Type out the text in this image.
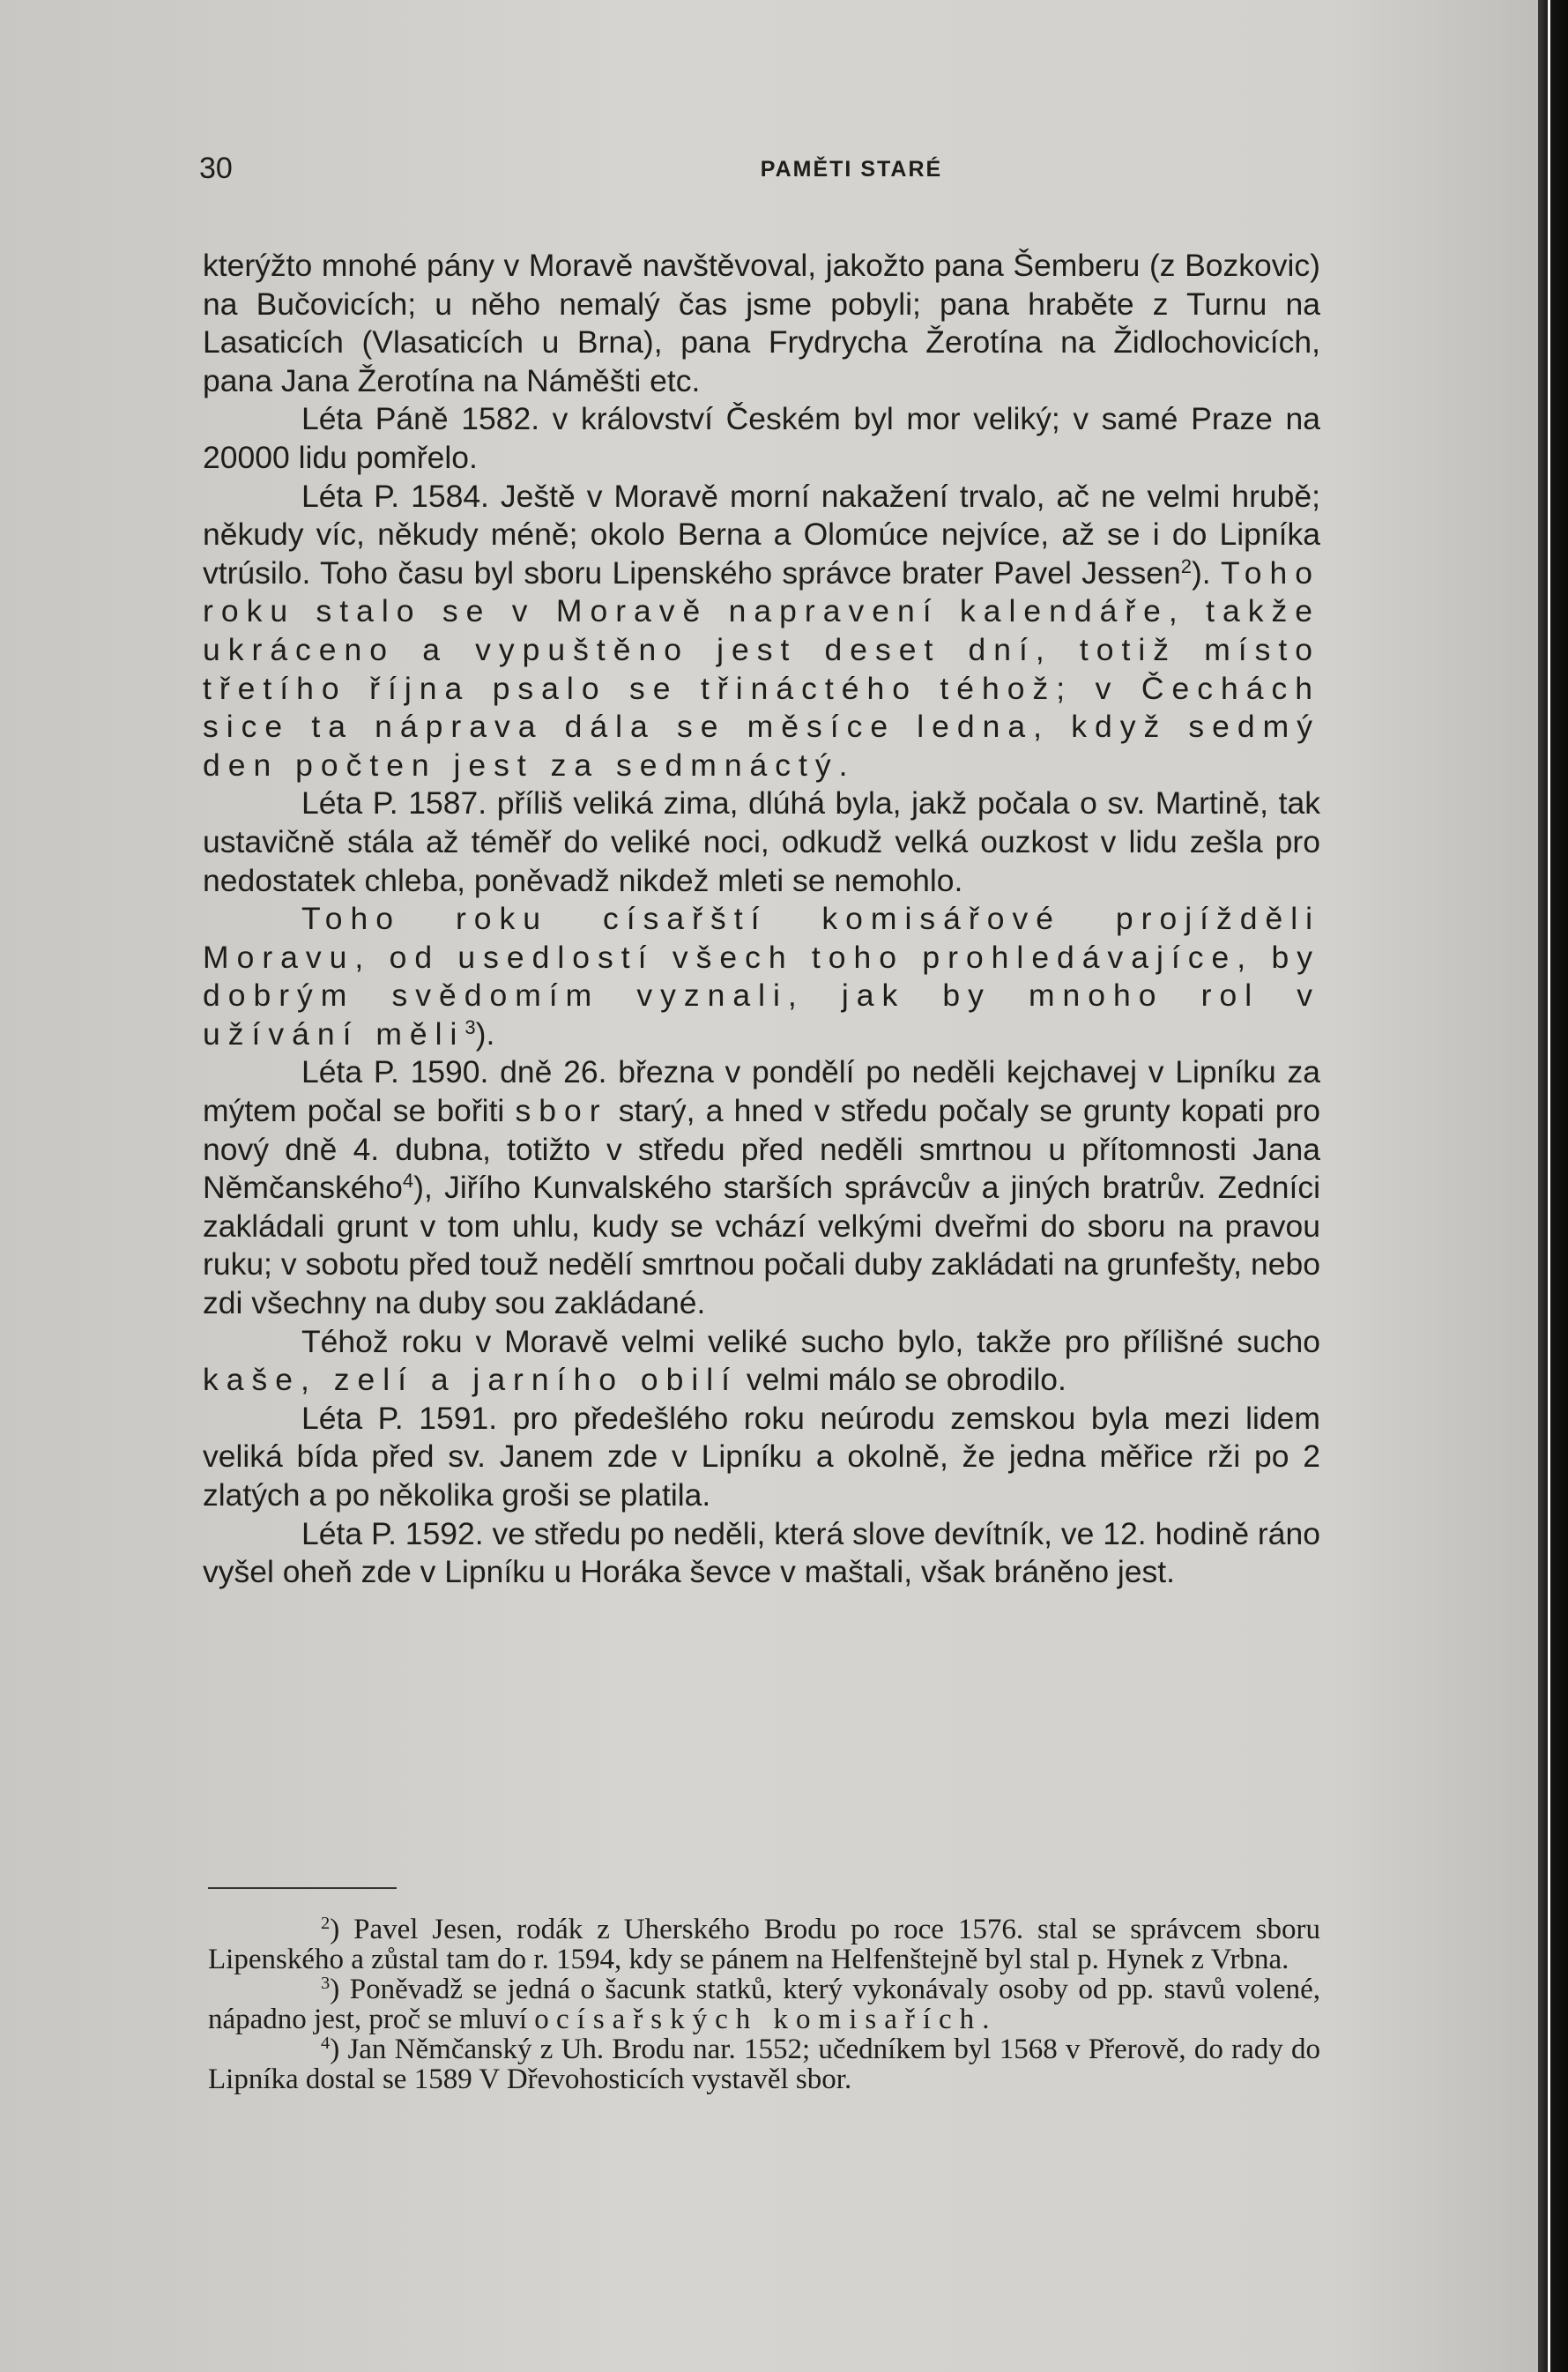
30	PAMĚTI STARÉ

kterýžto mnohé pány v Moravě navštěvoval, jakožto pana Šemberu (z Bozkovic) na Bučovicích; u něho nemalý čas jsme pobyli; pana hraběte z Turnu na Lasaticích (Vlasaticích u Brna), pana Frydrycha Žerotína na Židlochovicích, pana Jana Žerotína na Náměšti etc.

Léta Páně 1582. v království Českém byl mor veliký; v samé Praze na 20000 lidu pomřelo.

Léta P. 1584. Ještě v Moravě morní nakažení trvalo, ač ne velmi hrubě; někudy víc, někudy méně; okolo Berna a Olomúce nejvíce, až se i do Lipníka vtrúsilo. Toho času byl sboru Lipenského správce brater Pavel Jessen$^2$). Toho roku stalo se v Moravě napravení kalendáře, takže ukráceno a vypuštěno jest deset dní, totiž místo třetího října psalo se třináctého téhož; v Čechách sice ta náprava dála se měsíce ledna, když sedmý den počten jest za sedmnáctý.

Léta P. 1587. příliš veliká zima, dlúhá byla, jakž počala o sv. Martině, tak ustavičně stála až téměř do veliké noci, odkudž velká ouzkost v lidu zešla pro nedostatek chleba, poněvadž nikdež mleti se nemohlo.

Toho roku císařští komisářové projížděli Moravu, od usedlostí všech toho prohledávajíce, by dobrým svědomím vyznali, jak by mnoho rol v užívání měli$^3$).

Léta P. 1590. dně 26. března v pondělí po neděli kejchavej v Lipníku za mýtem počal se bořiti sbor starý, a hned v středu počaly se grunty kopati pro nový dně 4. dubna, totižto v středu před neděli smrtnou u přítomnosti Jana Němčanského$^4$), Jiřího Kunvalského starších správcův a jiných bratrův. Zedníci zakládali grunt v tom uhlu, kudy se vchází velkými dveřmi do sboru na pravou ruku; v sobotu před touž nedělí smrtnou počali duby zakládati na grunfešty, nebo zdi všechny na duby sou zakládané.

Téhož roku v Moravě velmi veliké sucho bylo, takže pro přílišné sucho kaše, zelí a jarního obilí velmi málo se obrodilo.

Léta P. 1591. pro předešlého roku neúrodu zemskou byla mezi lidem veliká bída před sv. Janem zde v Lipníku a okolně, že jedna měřice rži po 2 zlatých a po několika groši se platila.

Léta P. 1592. ve středu po neděli, která slove devítník, ve 12. hodině ráno vyšel oheň zde v Lipníku u Horáka ševce v maštali, však bráněno jest.

$^2$) Pavel Jesen, rodák z Uherského Brodu po roce 1576. stal se správcem sboru Lipenského a zůstal tam do r. 1594, kdy se pánem na Helfenštejně byl stal p. Hynek z Vrbna.

$^3$) Poněvadž se jedná o šacunk statků, který vykonávaly osoby od pp. stavů volené, nápadno jest, proč se mluví o císařských komisařích.

$^4$) Jan Němčanský z Uh. Brodu nar. 1552; učedníkem byl 1568 v Přerově, do rady do Lipníka dostal se 1589 V Dřevohosticích vystavěl sbor.
